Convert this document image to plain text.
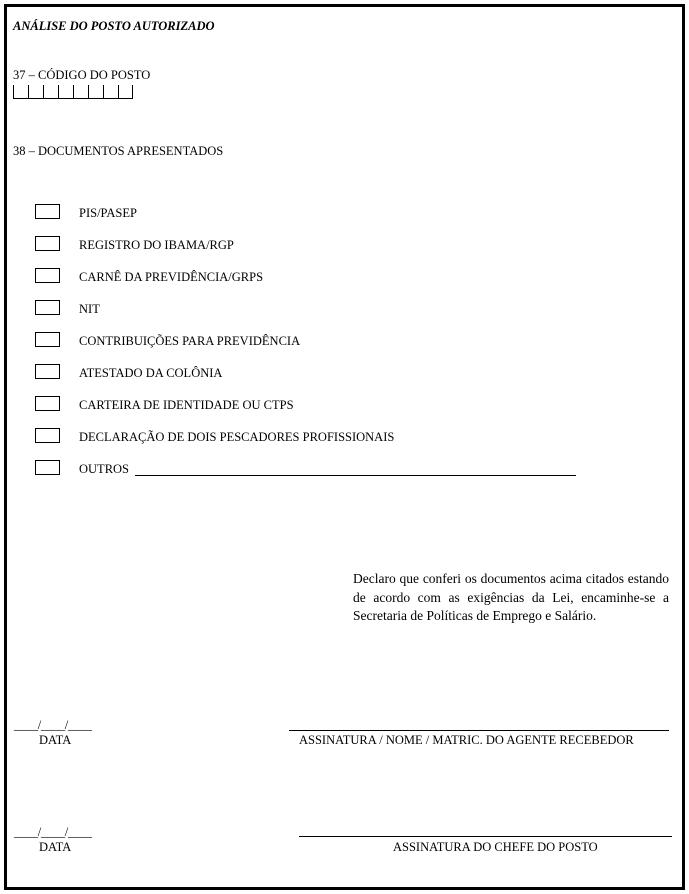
ANÁLISE DO POSTO AUTORIZADO
37 – CÓDIGO DO POSTO
38 – DOCUMENTOS APRESENTADOS
PIS/PASEP
REGISTRO DO IBAMA/RGP
CARNÊ DA PREVIDÊNCIA/GRPS
NIT
CONTRIBUIÇÕES PARA PREVIDÊNCIA
ATESTADO DA COLÔNIA
CARTEIRA DE IDENTIDADE OU CTPS
DECLARAÇÃO DE DOIS PESCADORES PROFISSIONAIS
OUTROS
Declaro que conferi os documentos acima citados estando de acordo com as exigências da Lei, encaminhe-se a Secretaria de Políticas de Emprego e Salário.
____/____/____
DATA	ASSINATURA / NOME / MATRIC. DO AGENTE RECEBEDOR
____/____/____
DATA	ASSINATURA DO CHEFE DO POSTO
